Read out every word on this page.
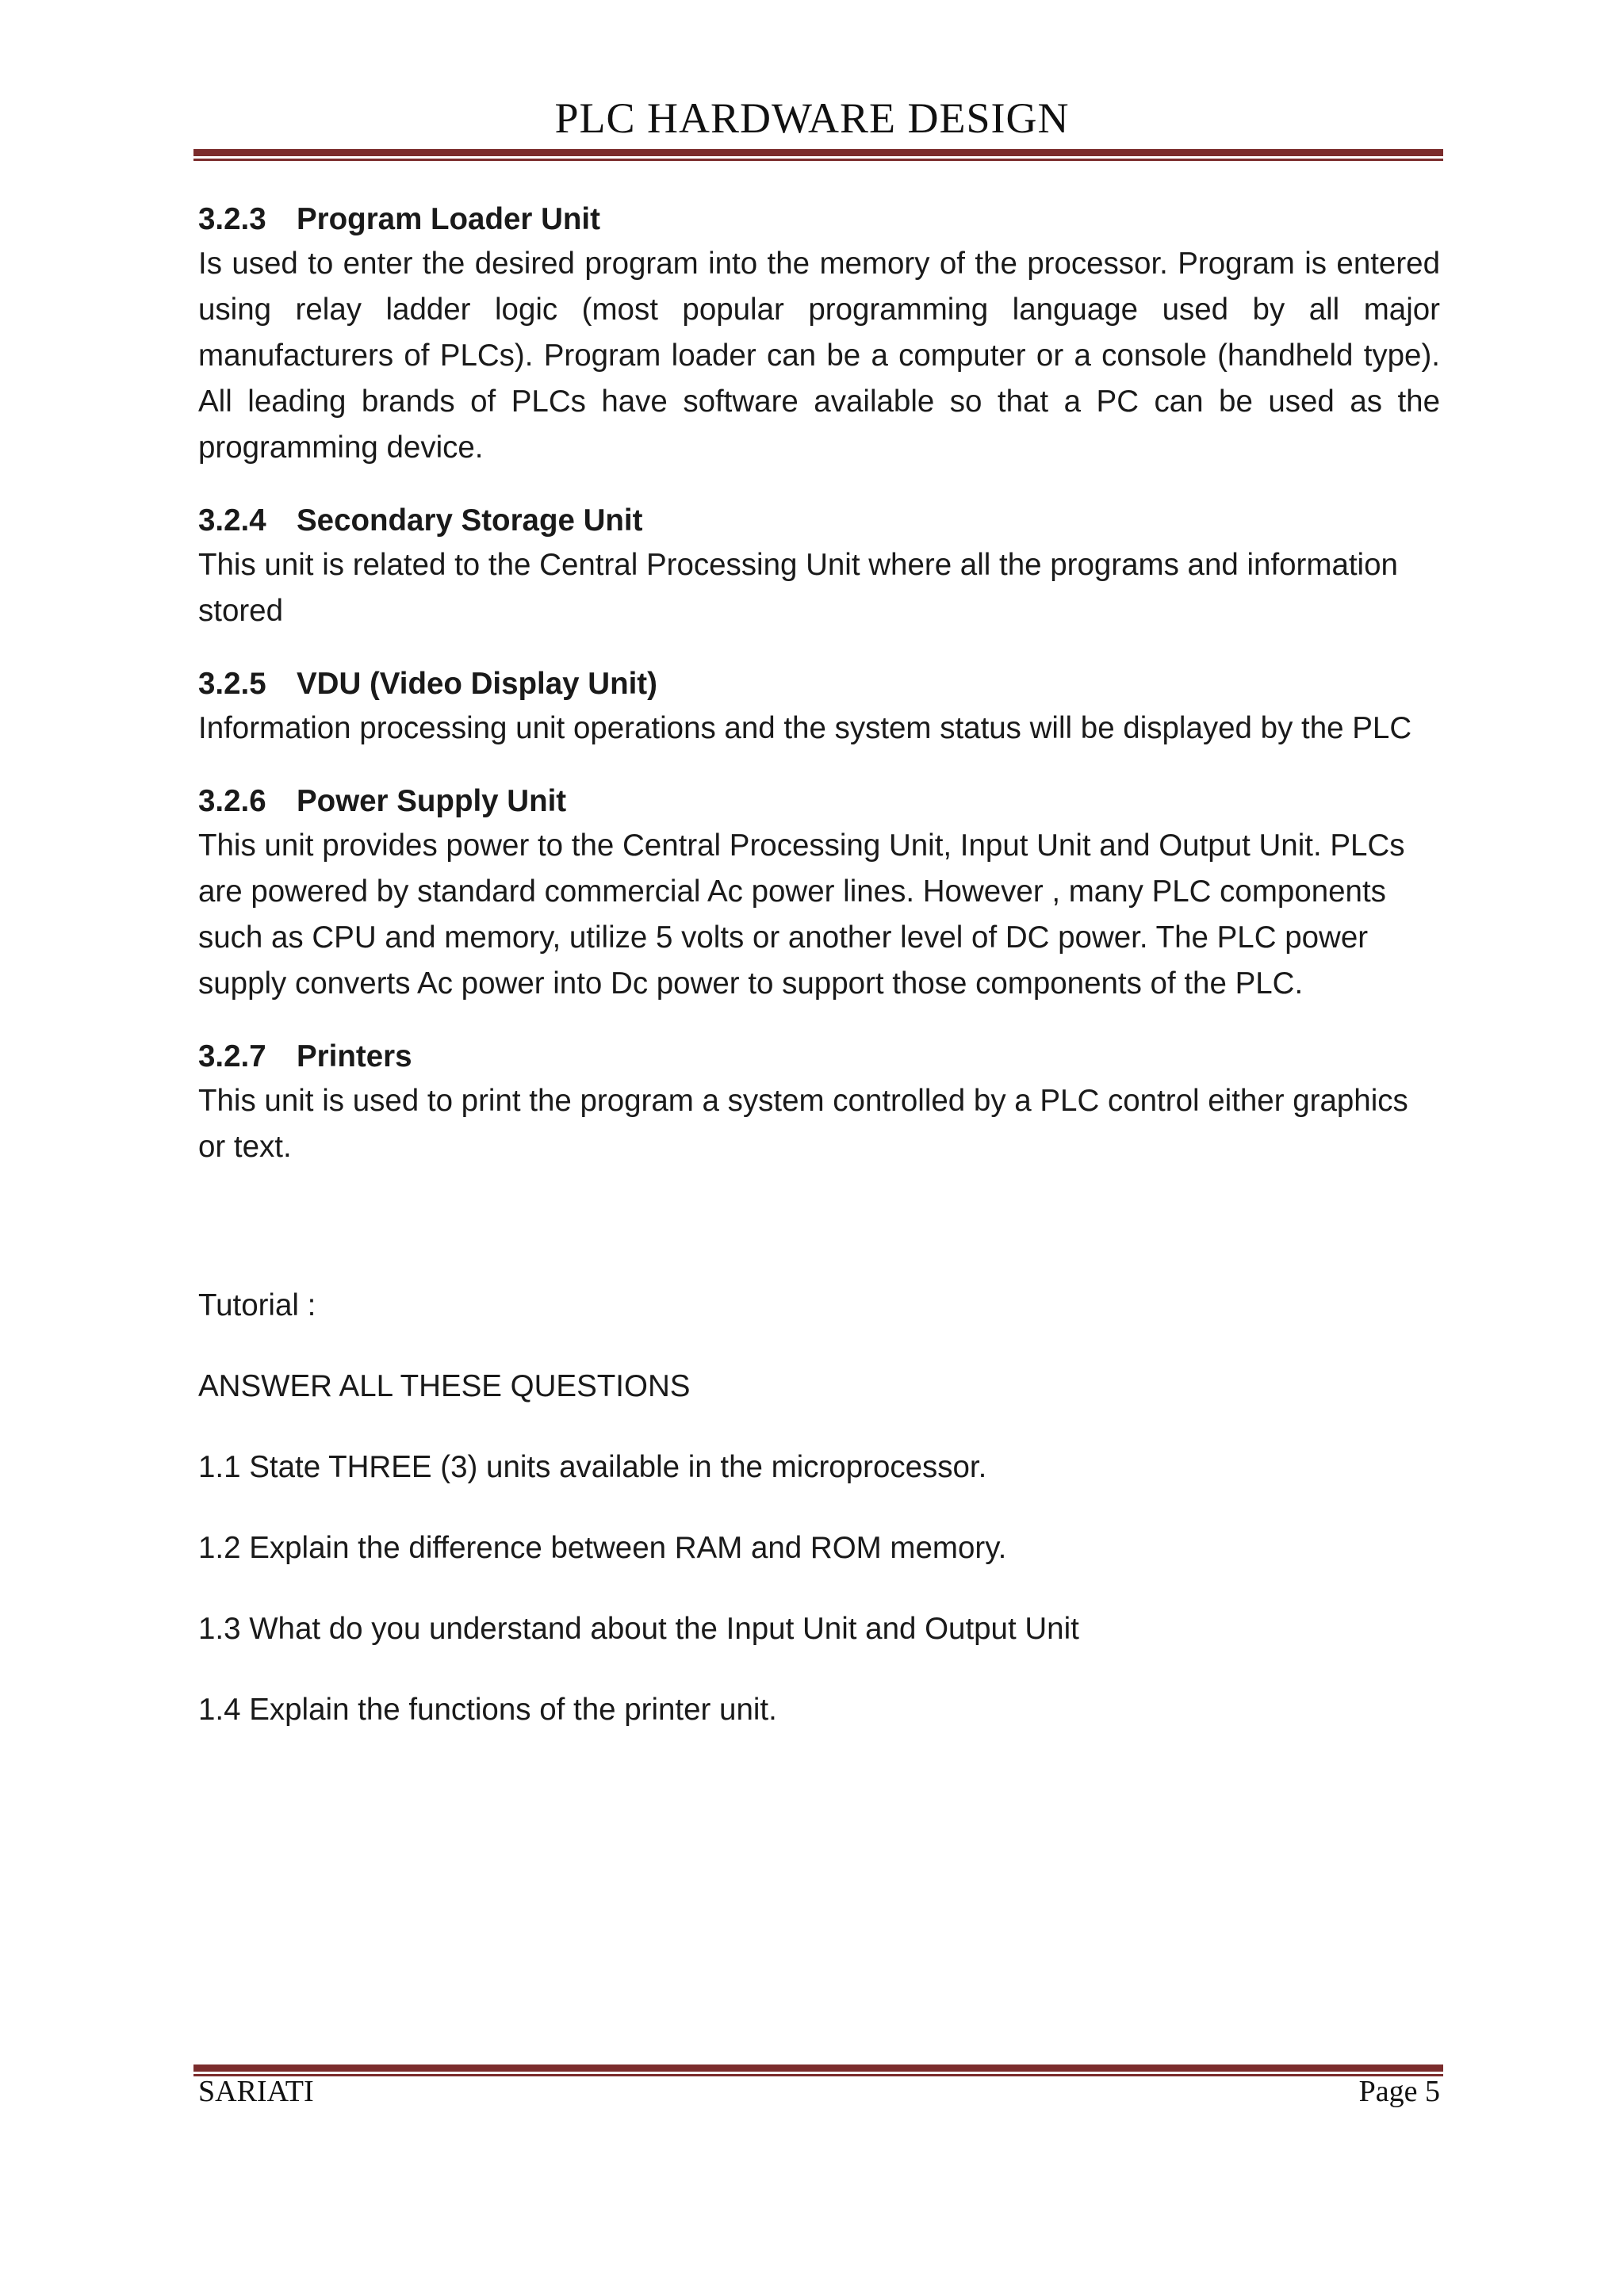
PLC HARDWARE DESIGN

3.2.3 Program Loader Unit

Is used to enter the desired program into the memory of the processor. Program is entered using relay ladder logic (most popular programming language used by all major manufacturers of PLCs). Program loader can be a computer or a console (handheld type). All leading brands of PLCs have software available so that a PC can be used as the programming device.

3.2.4 Secondary Storage Unit

This unit is related to the Central Processing Unit where all the programs and information stored

3.2.5 VDU (Video Display Unit)

Information processing unit operations and the system status will be displayed by the PLC

3.2.6 Power Supply Unit

This unit provides power to the Central Processing Unit, Input Unit and Output Unit. PLCs are powered by standard commercial Ac power lines. However , many PLC components such as CPU and memory, utilize 5 volts or another level of DC power. The PLC power supply converts Ac power into Dc power to support those components of the PLC.

3.2.7 Printers

This unit is used to print the program a system controlled by a PLC control either graphics or text.

Tutorial :

ANSWER ALL THESE QUESTIONS

1.1 State THREE (3) units available in the microprocessor.

1.2 Explain the difference between RAM and ROM memory.

1.3 What do you understand about the Input Unit and Output Unit

1.4 Explain the functions of the printer unit.

SARIATI	Page 5
